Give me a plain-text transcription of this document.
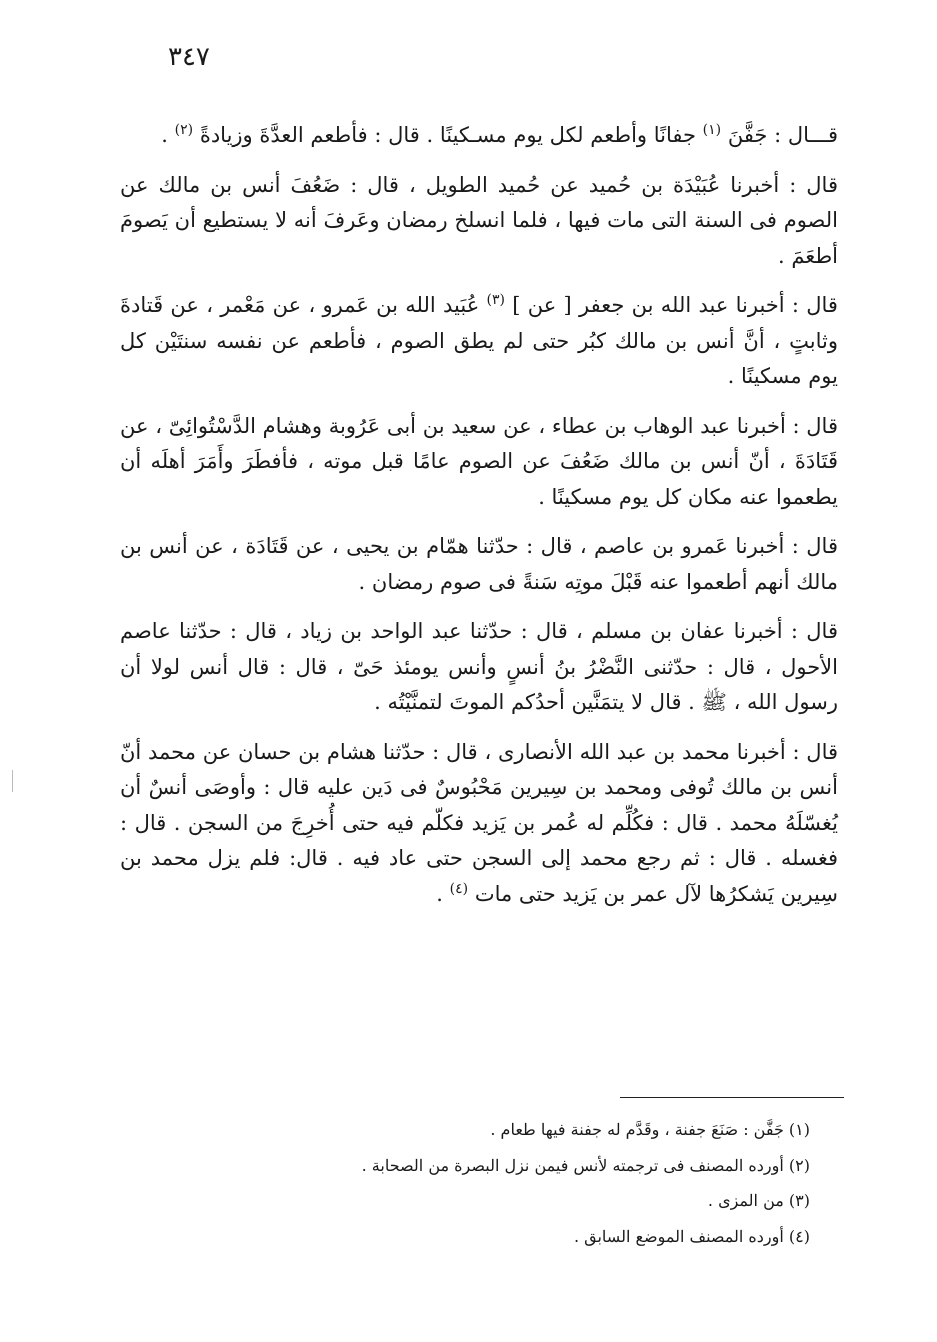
٣٤٧

قـــال : جَفَّنَ $^{(١)}$ جفانًا وأطعم لكل يوم مسـكينًا . قال : فأطعم العدَّةَ وزيادةً $^{(٢)}$ .

قال : أخبرنا عُبَيْدَة بن حُميد عن حُميد الطويل ، قال : ضَعُفَ أنس بن مالك عن الصوم فى السنة التى مات فيها ، فلما انسلخ رمضان وعَرفَ أنه لا يستطيع أن يَصومَ أطعَمَ .

قال : أخبرنا عبد الله بن جعفر [ عن ] $^{(٣)}$ عُبَيد الله بن عَمرو ، عن مَعْمر ، عن قَتادةَ وثابتٍ ، أنَّ أنس بن مالك كبُر حتى لم يطق الصوم ، فأطعم عن نفسه سنتَيْن كل يوم مسكينًا .

قال : أخبرنا عبد الوهاب بن عطاء ، عن سعيد بن أبى عَرُوبة وهشام الدَّسْتُوائِىّ ، عن قَتَادَةَ ، أنّ أنس بن مالك ضَعُفَ عن الصوم عامًا قبل موته ، فأفطَرَ وأَمَرَ أهلَه أن يطعموا عنه مكان كل يوم مسكينًا .

قال : أخبرنا عَمرو بن عاصم ، قال : حدّثنا همّام بن يحيى ، عن قَتَادَة ، عن أنس بن مالك أنهم أطعموا عنه قَبْلَ موتِه سَنةً فى صوم رمضان .

قال : أخبرنا عفان بن مسلم ، قال : حدّثنا عبد الواحد بن زياد ، قال : حدّثنا عاصم الأحول ، قال : حدّثنى النَّضْرُ بنُ أنسٍ وأنس يومئذ حَىّ ، قال : قال أنس لولا أن رسول الله ، ﷺ . قال لا يتمَنَّين أحدُكم الموتَ لتمنَّيْتُه .

قال : أخبرنا محمد بن عبد الله الأنصارى ، قال : حدّثنا هشام بن حسان عن محمد أنّ أنس بن مالك تُوفى ومحمد بن سِيرين مَحْبُوسٌ فى دَين عليه قال : وأوصَى أنسٌ أن يُغسّلَهُ محمد . قال : فكُلِّم له عُمر بن يَزيد فكلّم فيه حتى أُخرِجَ من السجن . قال : فغسله . قال : ثم رجع محمد إلى السجن حتى عاد فيه . قال: فلم يزل محمد بن سِيرين يَشكرُها لآل عمر بن يَزيد حتى مات $^{(٤)}$ .

(١) جَفَّن : صَنَعَ جفنة ، وقَدَّم له جفنة فيها طعام .

(٢) أورده المصنف فى ترجمته لأنس فيمن نزل البصرة من الصحابة .

(٣) من المزى .

(٤) أورده المصنف الموضع السابق .
